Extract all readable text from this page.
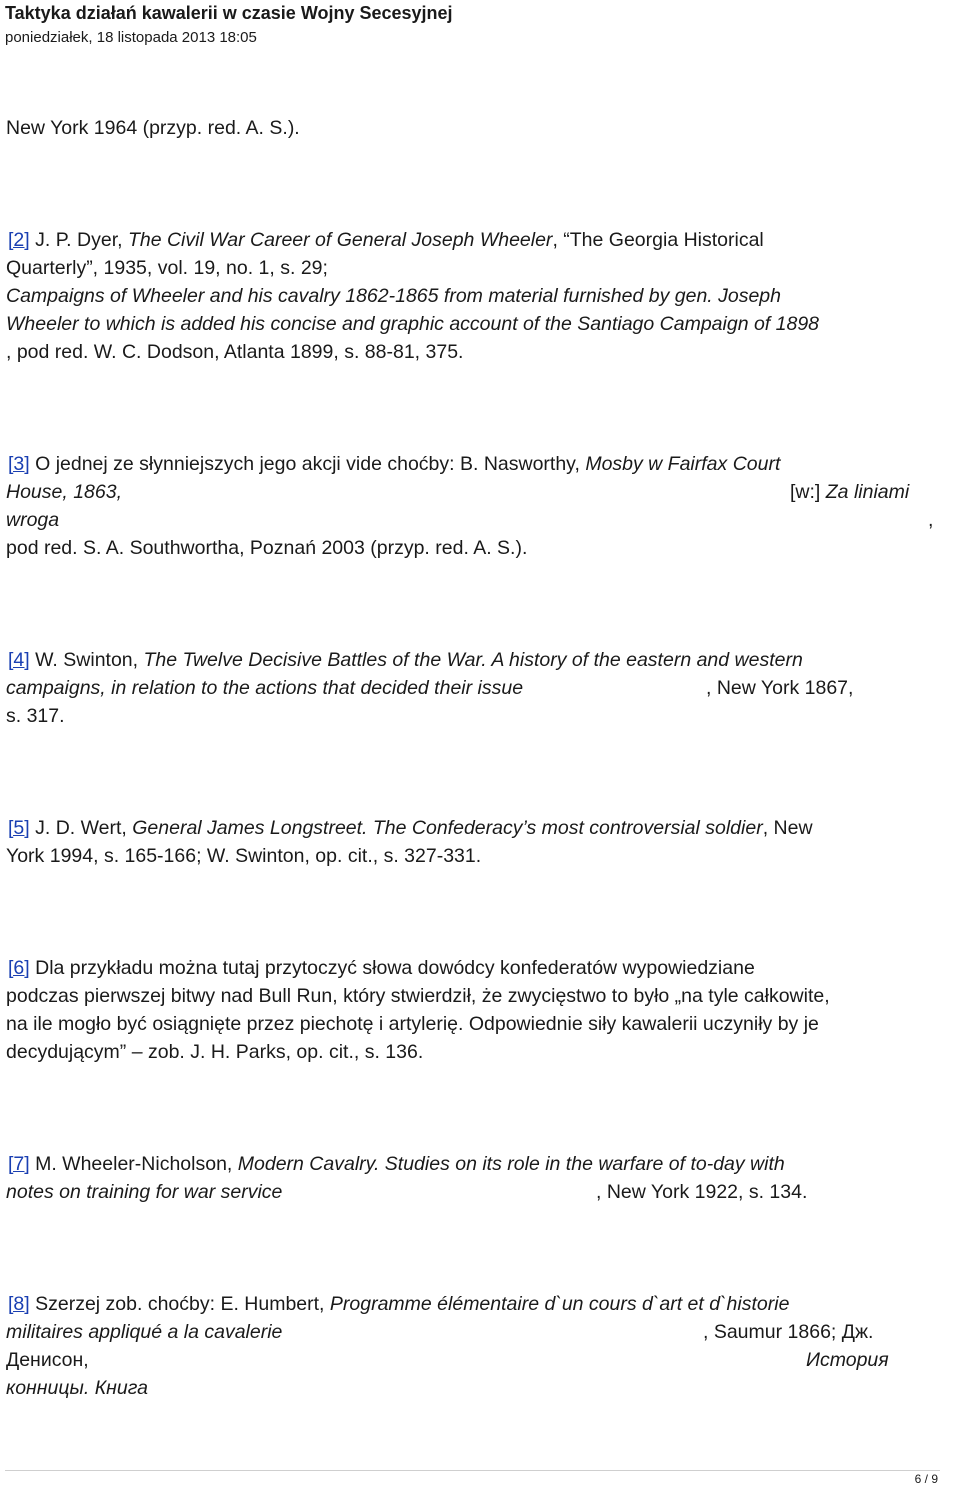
Taktyka działań kawalerii w czasie Wojny Secesyjnej
poniedziałek, 18 listopada 2013 18:05
New York 1964 (przyp. red. A. S.).
[2] J. P. Dyer, The Civil War Career of General Joseph Wheeler, “The Georgia Historical
Quarterly”, 1935, vol. 19, no. 1, s. 29;
Campaigns of Wheeler and his cavalry 1862-1865 from material furnished by gen. Joseph
Wheeler to which is added his concise and graphic account of the Santiago Campaign of 1898
, pod red. W. C. Dodson, Atlanta 1899, s. 88-81, 375.
[3] O jednej ze słynniejszych jego akcji vide choćby: B. Nasworthy, Mosby w Fairfax Court
House, 1863,	[w:] Za liniami
wroga	,
pod red. S. A. Southwortha, Poznań 2003 (przyp. red. A. S.).
[4] W. Swinton, The Twelve Decisive Battles of the War. A history of the eastern and western
campaigns, in relation to the actions that decided their issue	, New York 1867,
s. 317.
[5] J. D. Wert, General James Longstreet. The Confederacy’s most controversial soldier, New
York 1994, s. 165-166; W. Swinton, op. cit., s. 327-331.
[6] Dla przykładu można tutaj przytoczyć słowa dowódcy konfederatów wypowiedziane
podczas pierwszej bitwy nad Bull Run, który stwierdził, że zwycięstwo to było „na tyle całkowite,
na ile mogło być osiągnięte przez piechotę i artylerię. Odpowiednie siły kawalerii uczyniły by je
decydującym” – zob. J. H. Parks, op. cit., s. 136.
[7] M. Wheeler-Nicholson, Modern Cavalry. Studies on its role in the warfare of to-day with
notes on training for war service	, New York 1922, s. 134.
[8] Szerzej zob. choćby: E. Humbert, Programme élémentaire d`un cours d`art et d`historie
militaires appliqué a la cavalerie	, Saumur 1866; Дж.
Денисон,	История
конницы. Книга
6 / 9
